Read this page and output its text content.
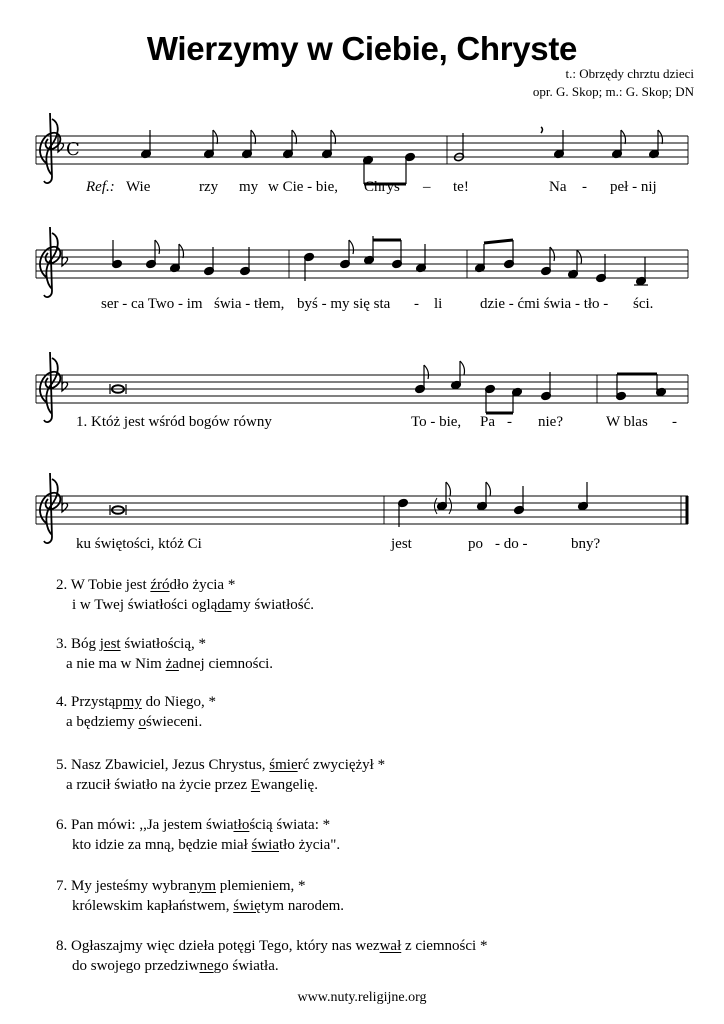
Wierzymy w Ciebie, Chryste
t.: Obrzędy chrztu dzieci
opr. G. Skop; m.: G. Skop; DN
C
Ref.: Wie	rzy my w Cie - bie, Chrys – te!	Na - peł - nij
ser - ca Two - im świa - tłem, byś - my się sta - li	dzie - ćmi świa - tło - ści.
1. Któż jest wśród bogów równy	To - bie, Pa - nie?	W blas -
ku świętości, któż Ci	jest	po - do -	bny?
2. W Tobie jest źródło życia *
i w Twej światłości oglądamy światłość.
3. Bóg jest światłością, *
a nie ma w Nim żadnej ciemności.
4. Przystąpmy do Niego, *
a będziemy oświeceni.
5. Nasz Zbawiciel, Jezus Chrystus, śmierć zwyciężył *
a rzucił światło na życie przez Ewangelię.
6. Pan mówi: ,,Ja jestem światłością świata: *
kto idzie za mną, będzie miał światło życia".
7. My jesteśmy wybranym plemieniem, *
królewskim kapłaństwem, świętym narodem.
8. Ogłaszajmy więc dzieła potęgi Tego, który nas wezwał z ciemności *
do swojego przedziwnego światła.
www.nuty.religijne.org
